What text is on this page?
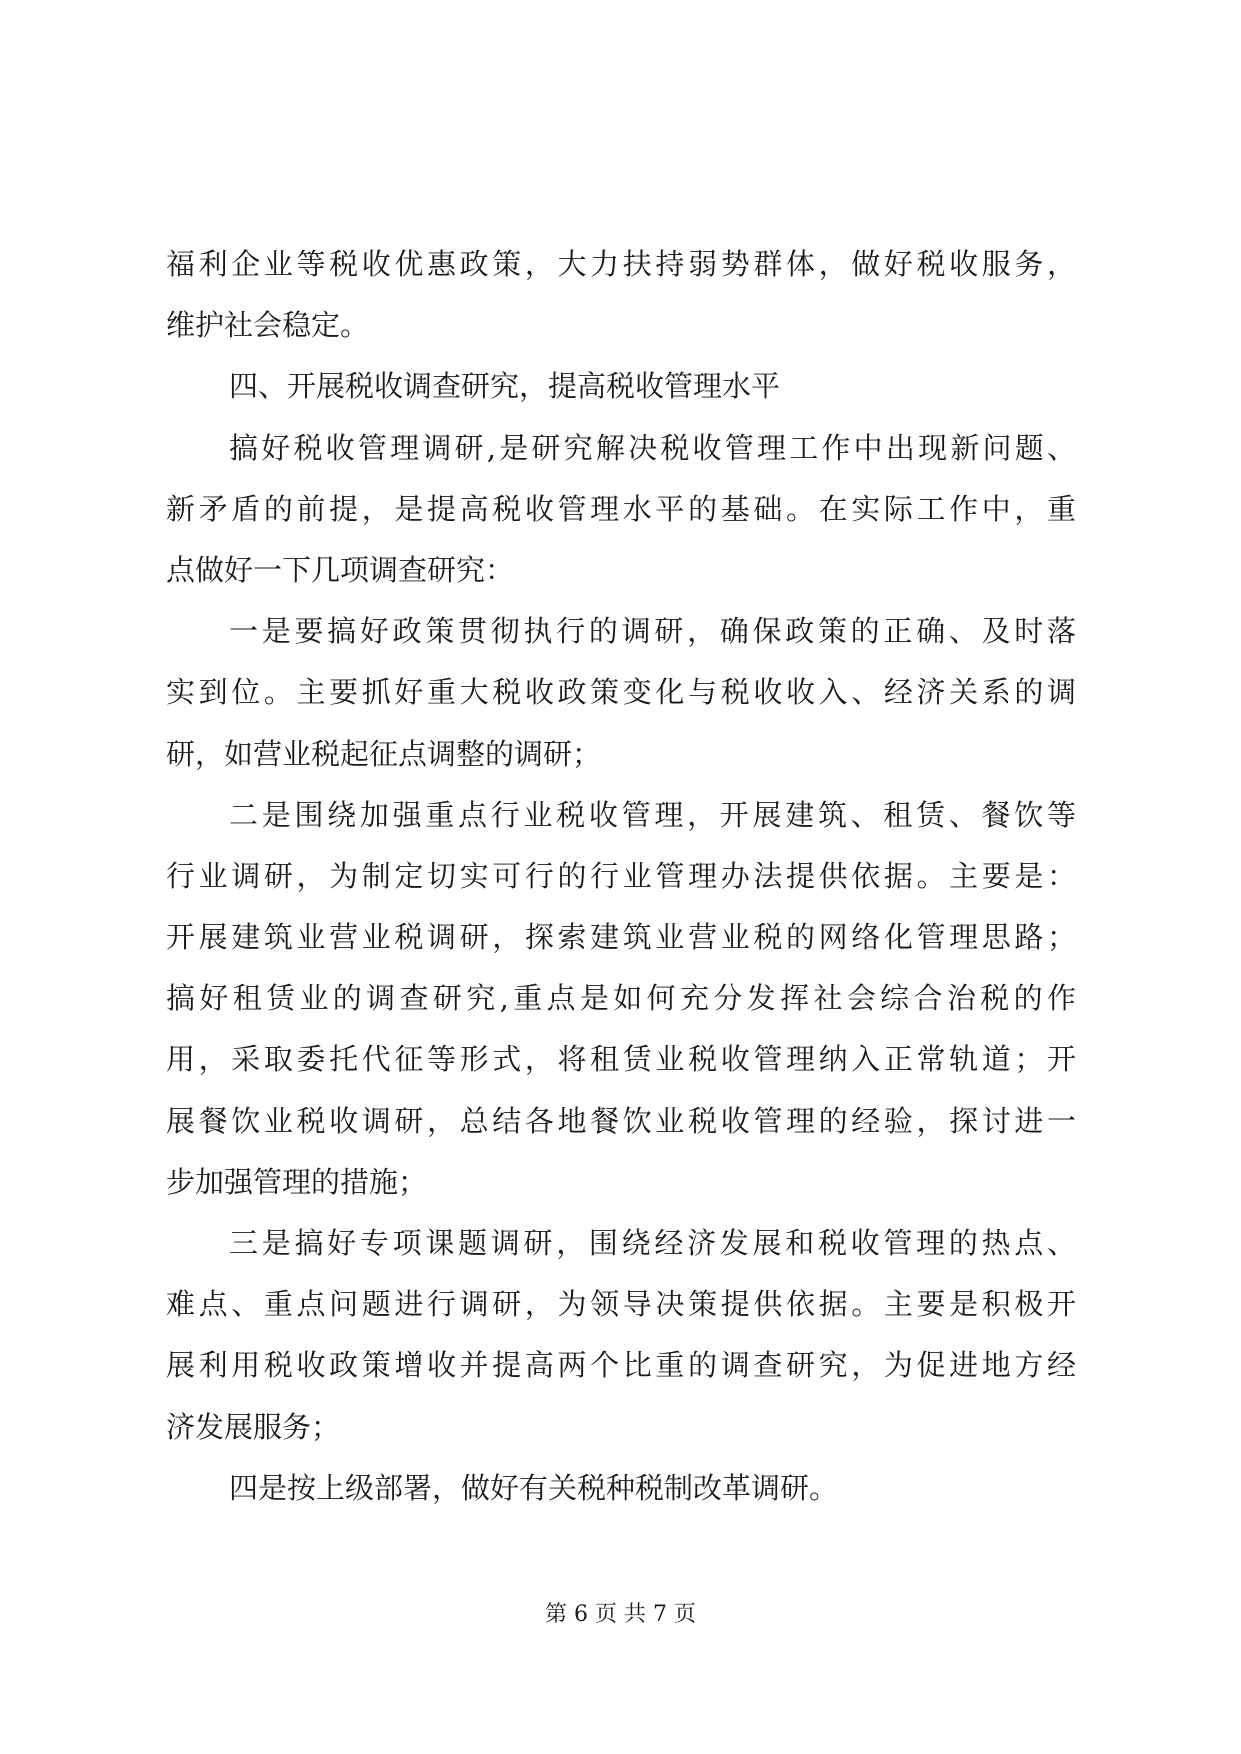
福利企业等税收优惠政策，大力扶持弱势群体，做好税收服务，
维护社会稳定。
四、开展税收调查研究，提高税收管理水平
搞好税收管理调研,是研究解决税收管理工作中出现新问题、
新矛盾的前提，是提高税收管理水平的基础。在实际工作中，重
点做好一下几项调查研究：
一是要搞好政策贯彻执行的调研，确保政策的正确、及时落
实到位。主要抓好重大税收政策变化与税收收入、经济关系的调
研，如营业税起征点调整的调研；
二是围绕加强重点行业税收管理，开展建筑、租赁、餐饮等
行业调研，为制定切实可行的行业管理办法提供依据。主要是：
开展建筑业营业税调研，探索建筑业营业税的网络化管理思路；
搞好租赁业的调查研究,重点是如何充分发挥社会综合治税的作
用，采取委托代征等形式，将租赁业税收管理纳入正常轨道；开
展餐饮业税收调研，总结各地餐饮业税收管理的经验，探讨进一
步加强管理的措施；
三是搞好专项课题调研，围绕经济发展和税收管理的热点、
难点、重点问题进行调研，为领导决策提供依据。主要是积极开
展利用税收政策增收并提高两个比重的调查研究，为促进地方经
济发展服务；
四是按上级部署，做好有关税种税制改革调研。
第 6 页 共 7 页
